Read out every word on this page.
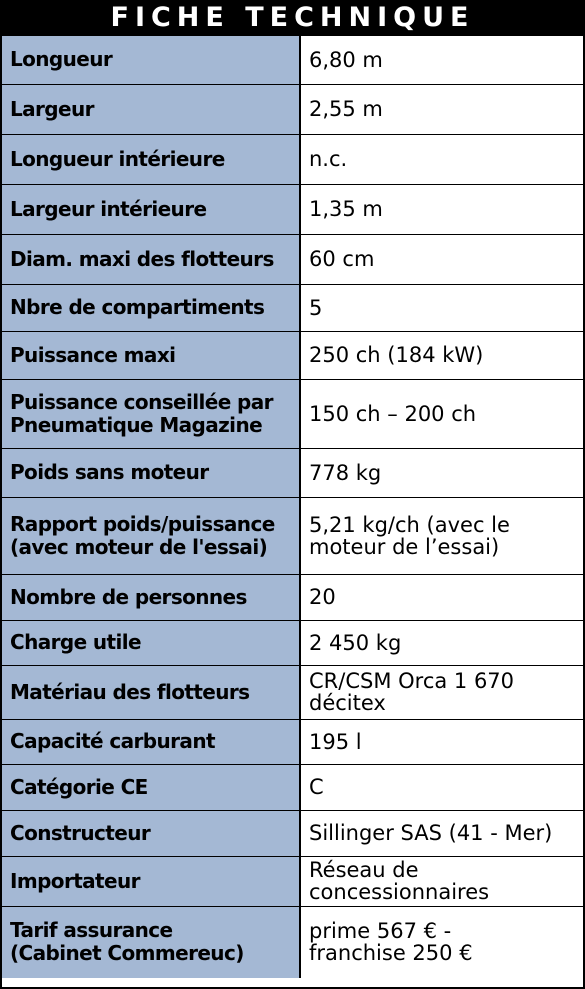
FICHE TECHNIQUE
Longueur	6,80 m
Largeur	2,55 m
Longueur intérieure	n.c.
Largeur intérieure	1,35 m
Diam. maxi des flotteurs	60 cm
Nbre de compartiments	5
Puissance maxi	250 ch (184 kW)
Puissance conseillée par
Pneumatique Magazine	150 ch – 200 ch
Poids sans moteur	778 kg
Rapport poids/puissance
(avec moteur de l'essai)	5,21 kg/ch (avec le
moteur de l’essai)
Nombre de personnes	20
Charge utile	2 450 kg
Matériau des flotteurs	CR/CSM Orca 1 670
décitex
Capacité carburant	195 l
Catégorie CE	C
Constructeur	Sillinger SAS (41 - Mer)
Importateur	Réseau de
concessionnaires
Tarif assurance
(Cabinet Commereuc)	prime 567 € -
franchise 250 €
